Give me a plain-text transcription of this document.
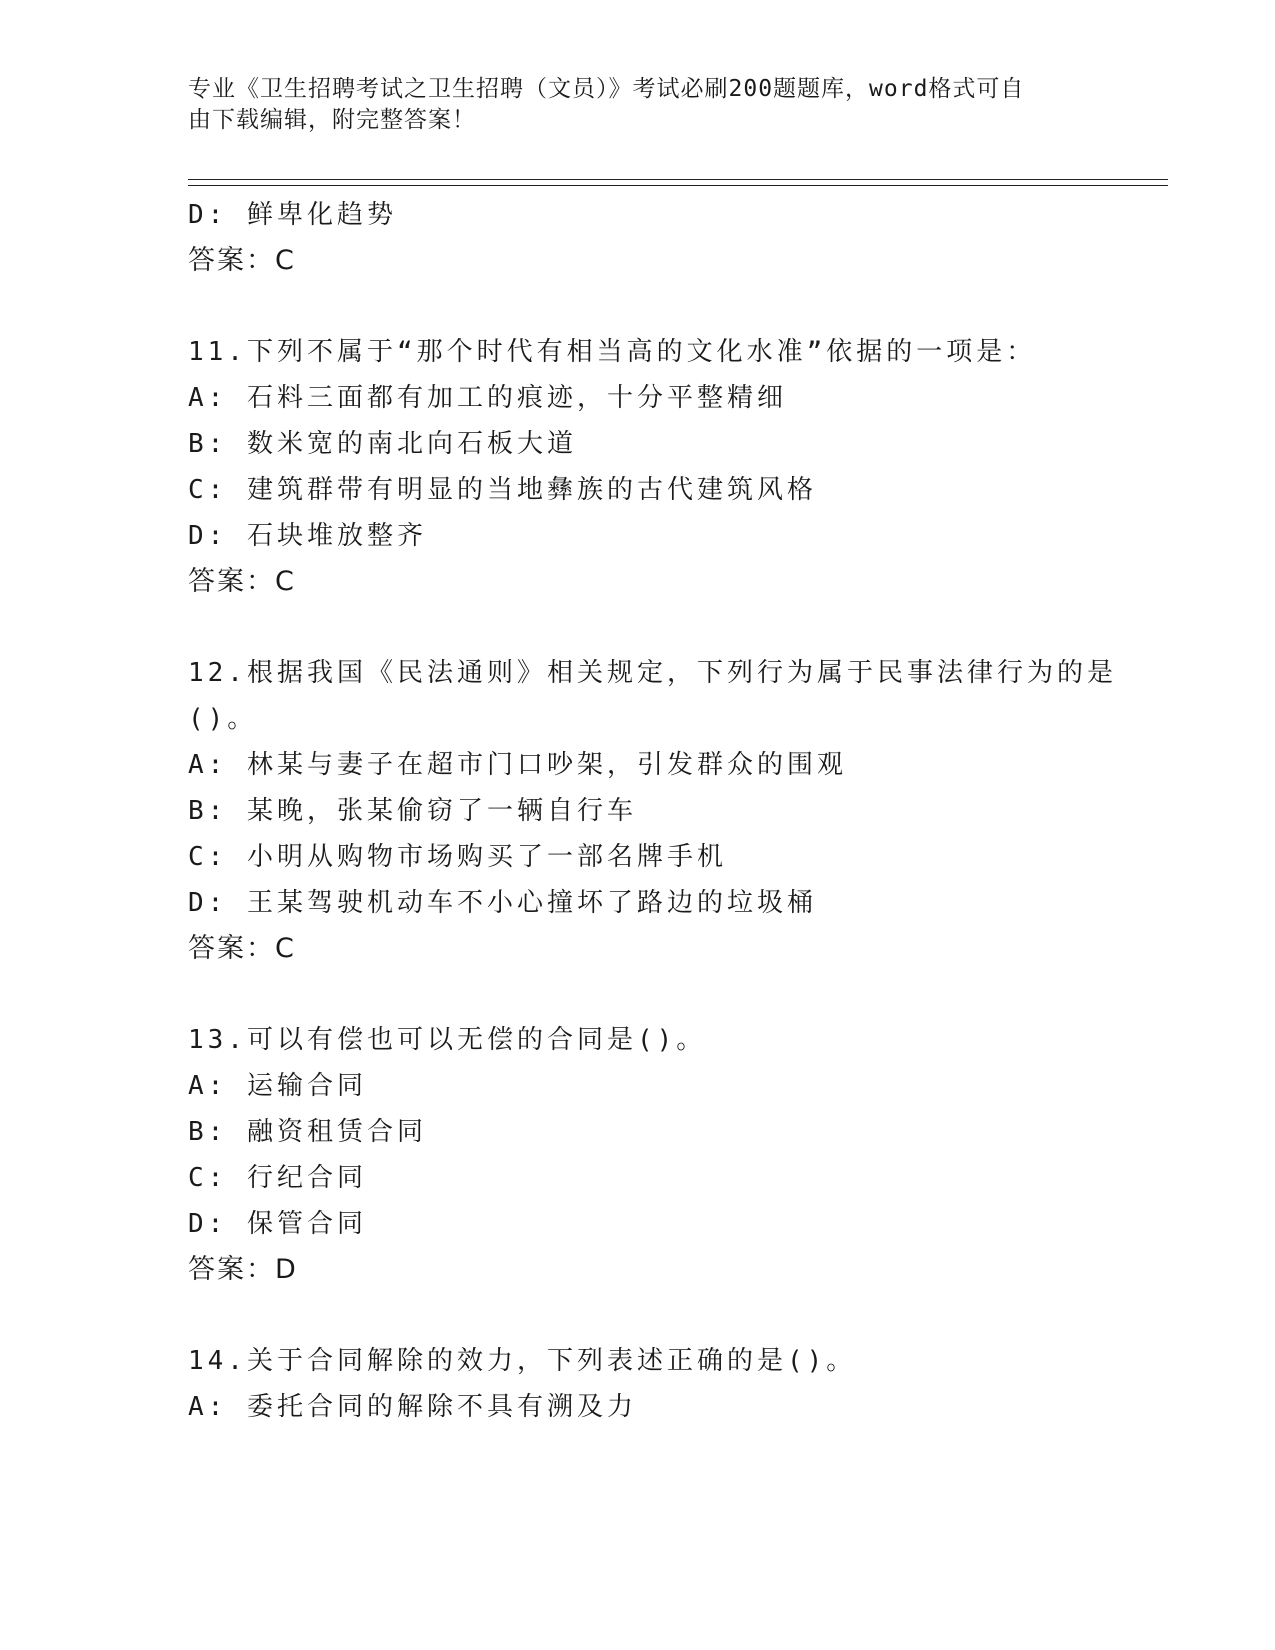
专业《卫生招聘考试之卫生招聘（文员）》考试必刷200题题库，word格式可自
由下载编辑，附完整答案！
D: 鲜卑化趋势
答案：C
11.下列不属于“那个时代有相当高的文化水准”依据的一项是：
A: 石料三面都有加工的痕迹，十分平整精细
B: 数米宽的南北向石板大道
C: 建筑群带有明显的当地彝族的古代建筑风格
D: 石块堆放整齐
答案：C
12.根据我国《民法通则》相关规定，下列行为属于民事法律行为的是
()。
A: 林某与妻子在超市门口吵架，引发群众的围观
B: 某晚，张某偷窃了一辆自行车
C: 小明从购物市场购买了一部名牌手机
D: 王某驾驶机动车不小心撞坏了路边的垃圾桶
答案：C
13.可以有偿也可以无偿的合同是()。
A: 运输合同
B: 融资租赁合同
C: 行纪合同
D: 保管合同
答案：D
14.关于合同解除的效力，下列表述正确的是()。
A: 委托合同的解除不具有溯及力
